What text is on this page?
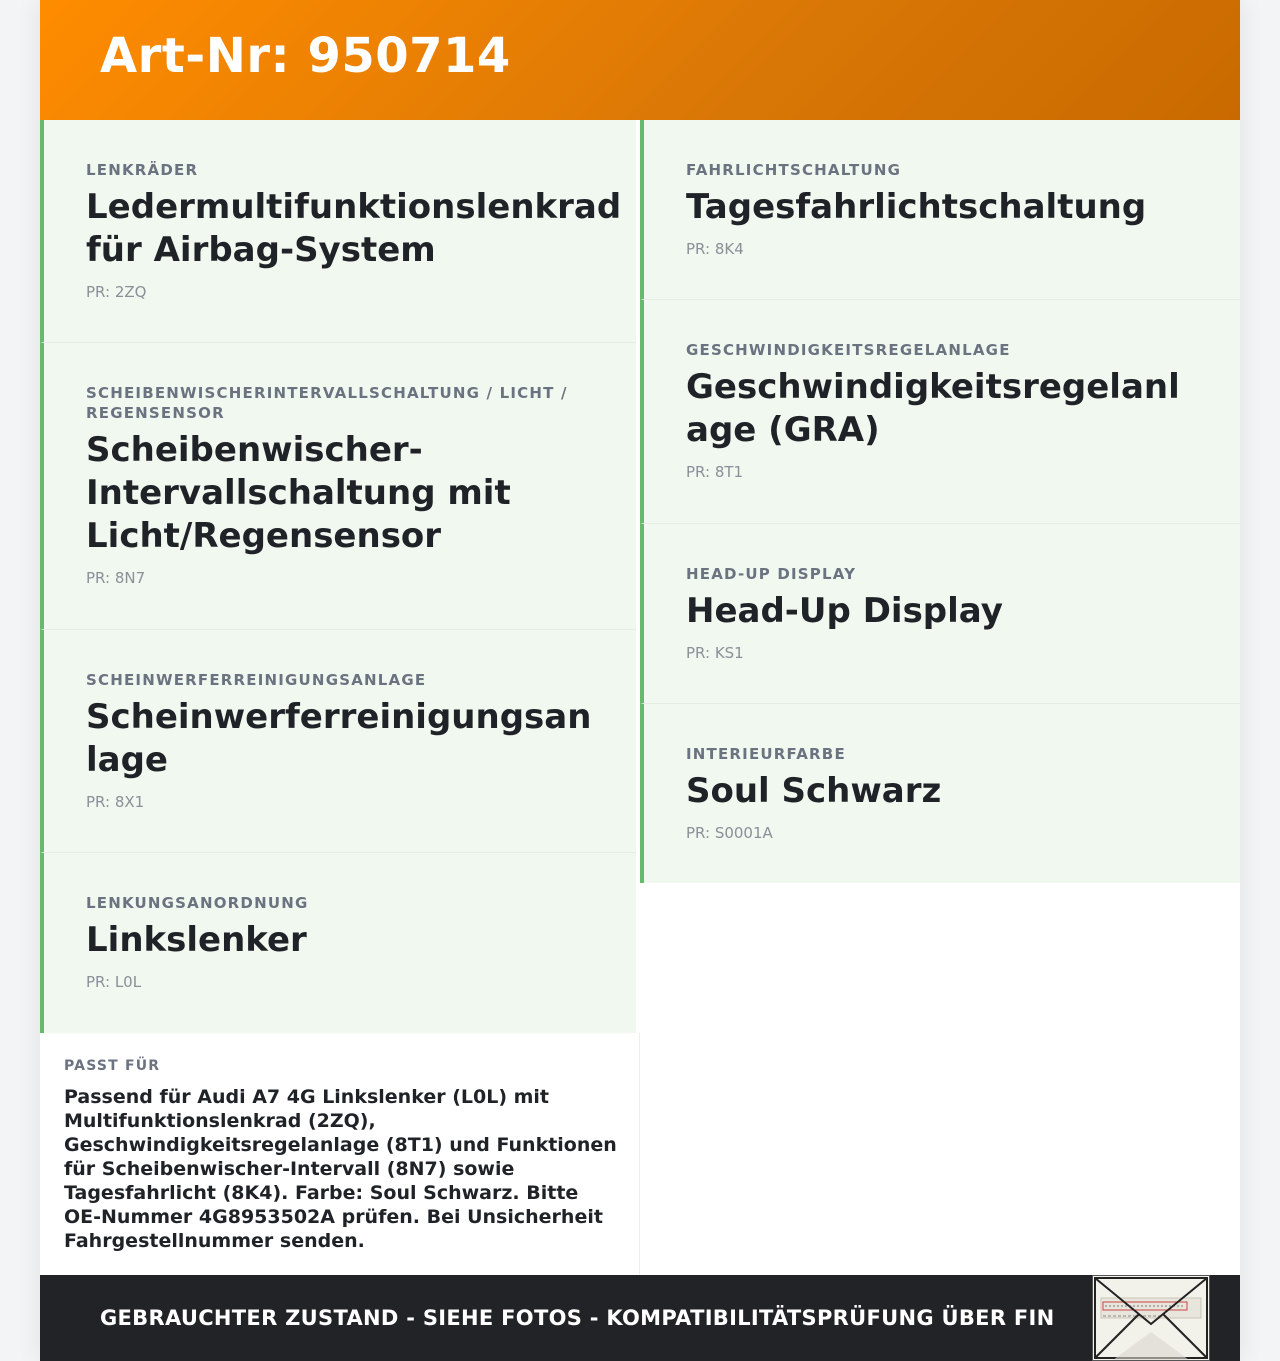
Art-Nr: 950714
LENKRÄDER
Ledermultifunktionslenkrad für Airbag-System
PR: 2ZQ
SCHEIBENWISCHERINTERVALLSCHALTUNG / LICHT / REGENSENSOR
Scheibenwischer-Intervallschaltung mit Licht/Regensensor
PR: 8N7
SCHEINWERFERREINIGUNGSANLAGE
Scheinwerferreinigungsanlage
PR: 8X1
LENKUNGSANORDNUNG
Linkslenker
PR: L0L
FAHRLICHTSCHALTUNG
Tagesfahrlichtschaltung
PR: 8K4
GESCHWINDIGKEITSREGELANLAGE
Geschwindigkeitsregelanlage (GRA)
PR: 8T1
HEAD-UP DISPLAY
Head-Up Display
PR: KS1
INTERIEURFARBE
Soul Schwarz
PR: S0001A
PASST FÜR
Passend für Audi A7 4G Linkslenker (L0L) mit Multifunktionslenkrad (2ZQ), Geschwindigkeitsregelanlage (8T1) und Funktionen für Scheibenwischer-Intervall (8N7) sowie Tagesfahrlicht (8K4). Farbe: Soul Schwarz. Bitte OE-Nummer 4G8953502A prüfen. Bei Unsicherheit Fahrgestellnummer senden.
GEBRAUCHTER ZUSTAND - SIEHE FOTOS - KOMPATIBILITÄTSPRÜFUNG ÜBER FIN
